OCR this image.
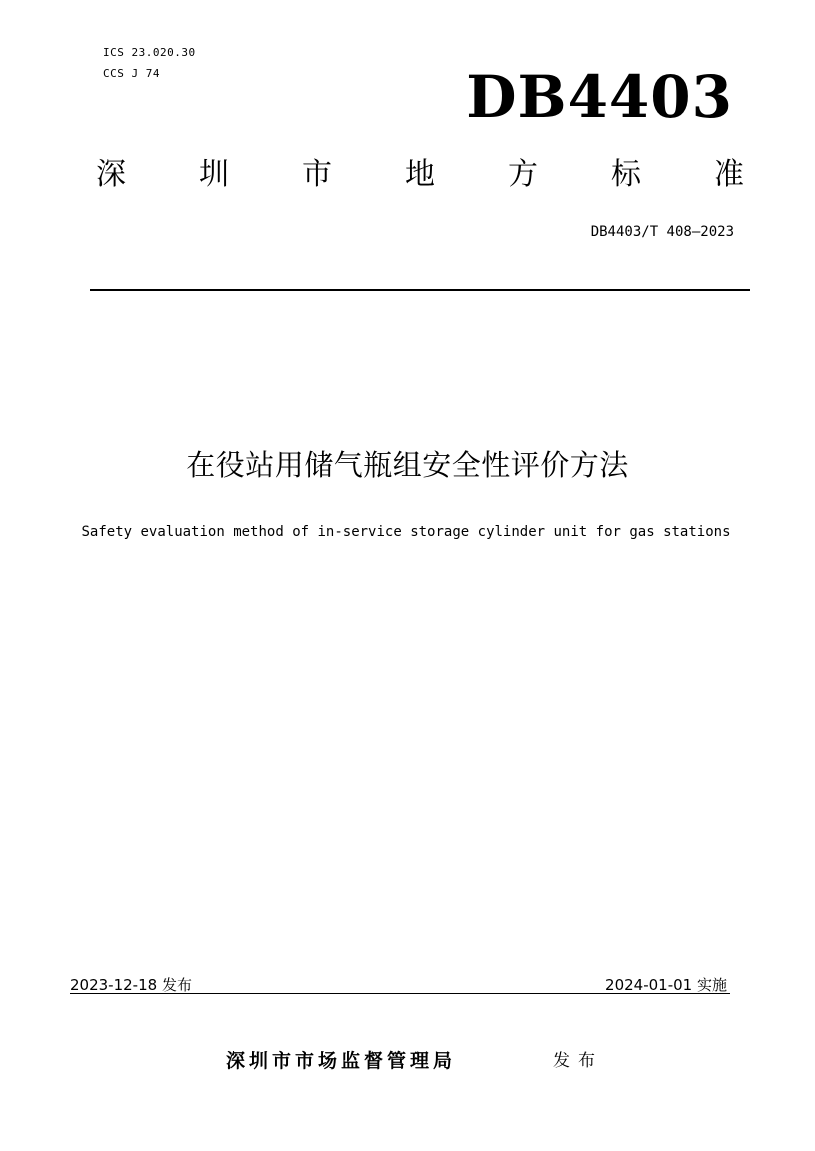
ICS 23.020.30
CCS J 74	DB4403
深 圳 市 地 方 标 准
DB4403/T 408—2023
在役站用储气瓶组安全性评价方法
Safety evaluation method of in-service storage cylinder unit for gas stations
2023-12-18 发布	2024-01-01 实施
深圳市市场监督管理局	发布
